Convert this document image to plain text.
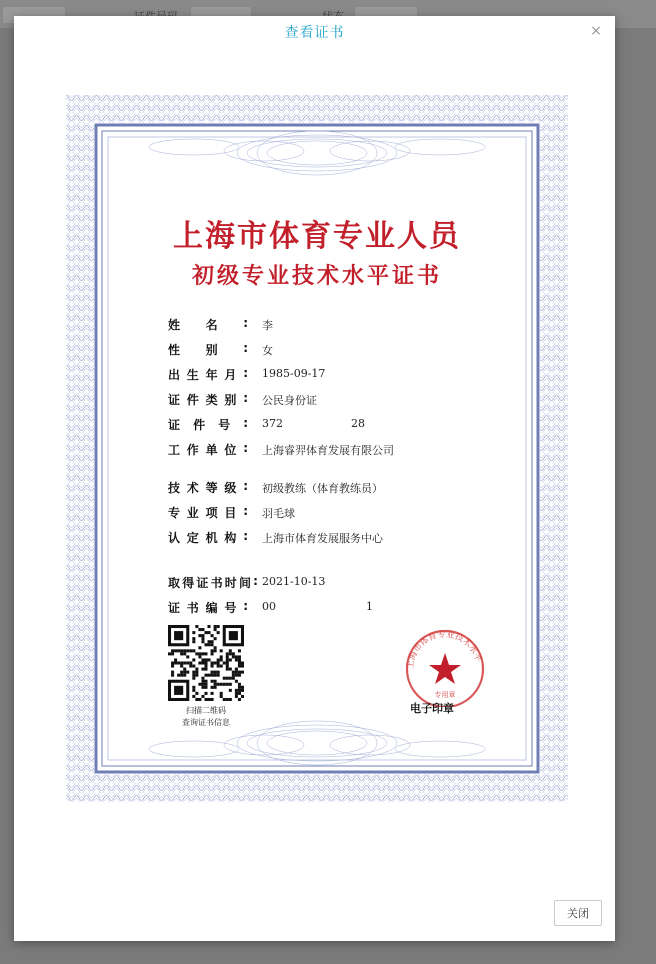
查看证书	×
上海市体育专业人员
初级专业技术水平证书
姓 名 : 李
性 别 : 女
出 生 年 月 : 1985-09-17
证 件 类 别 : 公民身份证
证 件 号 : 372	28
工 作 单 位 : 上海睿羿体育发展有限公司
技 术 等 级 : 初级教练（体育教练员）
专 业 项 目 : 羽毛球
认 定 机 构 : 上海市体育发展服务中心
取 得 证 书 时 间 : 2021-10-13
证 书 编 号 : 00	1
扫描二维码
查询证书信息
上海市体育专业技术水平
专用章
电子印章
关闭
